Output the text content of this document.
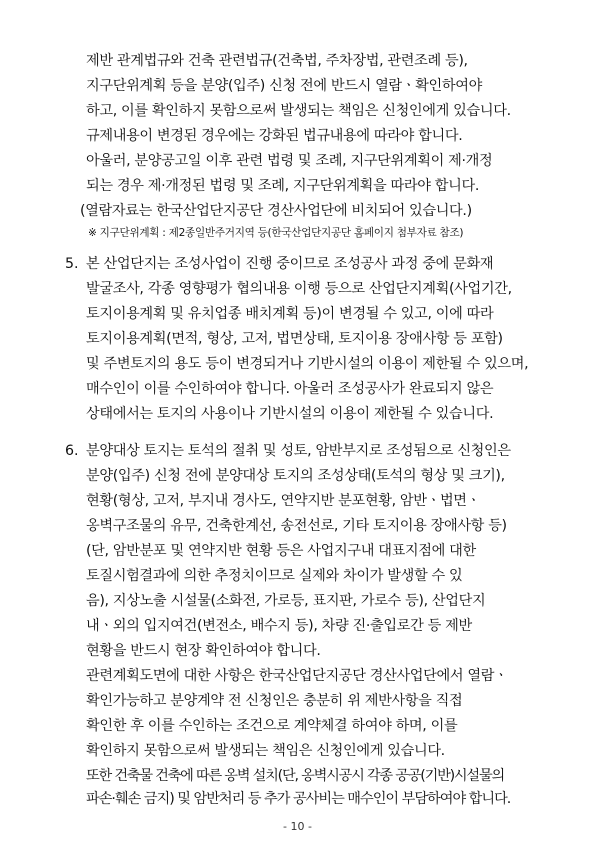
제반 관계법규와 건축 관련법규(건축법, 주차장법, 관련조례 등),
지구단위계획 등을 분양(입주) 신청 전에 반드시 열람ㆍ확인하여야
하고, 이를 확인하지 못함으로써 발생되는 책임은 신청인에게 있습니다.
규제내용이 변경된 경우에는 강화된 법규내용에 따라야 합니다.
아울러, 분양공고일 이후 관련 법령 및 조례, 지구단위계획이 제·개정
되는 경우 제·개정된 법령 및 조례, 지구단위계획을 따라야 합니다.
(열람자료는 한국산업단지공단 경산사업단에 비치되어 있습니다.)
※ 지구단위계획 : 제2종일반주거지역 등(한국산업단지공단 홈페이지 첨부자료 참조)
5. 본 산업단지는 조성사업이 진행 중이므로 조성공사 과정 중에 문화재
발굴조사, 각종 영향평가 협의내용 이행 등으로 산업단지계획(사업기간,
토지이용계획 및 유치업종 배치계획 등)이 변경될 수 있고, 이에 따라
토지이용계획(면적, 형상, 고저, 법면상태, 토지이용 장애사항 등 포함)
및 주변토지의 용도 등이 변경되거나 기반시설의 이용이 제한될 수 있으며,
매수인이 이를 수인하여야 합니다. 아울러 조성공사가 완료되지 않은
상태에서는 토지의 사용이나 기반시설의 이용이 제한될 수 있습니다.
6. 분양대상 토지는 토석의 절취 및 성토, 암반부지로 조성됨으로 신청인은
분양(입주) 신청 전에 분양대상 토지의 조성상태(토석의 형상 및 크기),
현황(형상, 고저, 부지내 경사도, 연약지반 분포현황, 암반ㆍ법면ㆍ
옹벽구조물의 유무, 건축한계선, 송전선로, 기타 토지이용 장애사항 등)
(단, 암반분포 및 연약지반 현황 등은 사업지구내 대표지점에 대한
토질시험결과에 의한 추정치이므로 실제와 차이가 발생할 수 있
음), 지상노출 시설물(소화전, 가로등, 표지판, 가로수 등), 산업단지
내ㆍ외의 입지여건(변전소, 배수지 등), 차량 진·출입로간 등 제반
현황을 반드시 현장 확인하여야 합니다.
관련계획도면에 대한 사항은 한국산업단지공단 경산사업단에서 열람ㆍ
확인가능하고 분양계약 전 신청인은 충분히 위 제반사항을 직접
확인한 후 이를 수인하는 조건으로 계약체결 하여야 하며, 이를
확인하지 못함으로써 발생되는 책임은 신청인에게 있습니다.
또한 건축물 건축에 따른 옹벽 설치(단, 옹벽시공시 각종 공공(기반)시설물의
파손·훼손 금지) 및 암반처리 등 추가 공사비는 매수인이 부담하여야 합니다.
- 10 -
